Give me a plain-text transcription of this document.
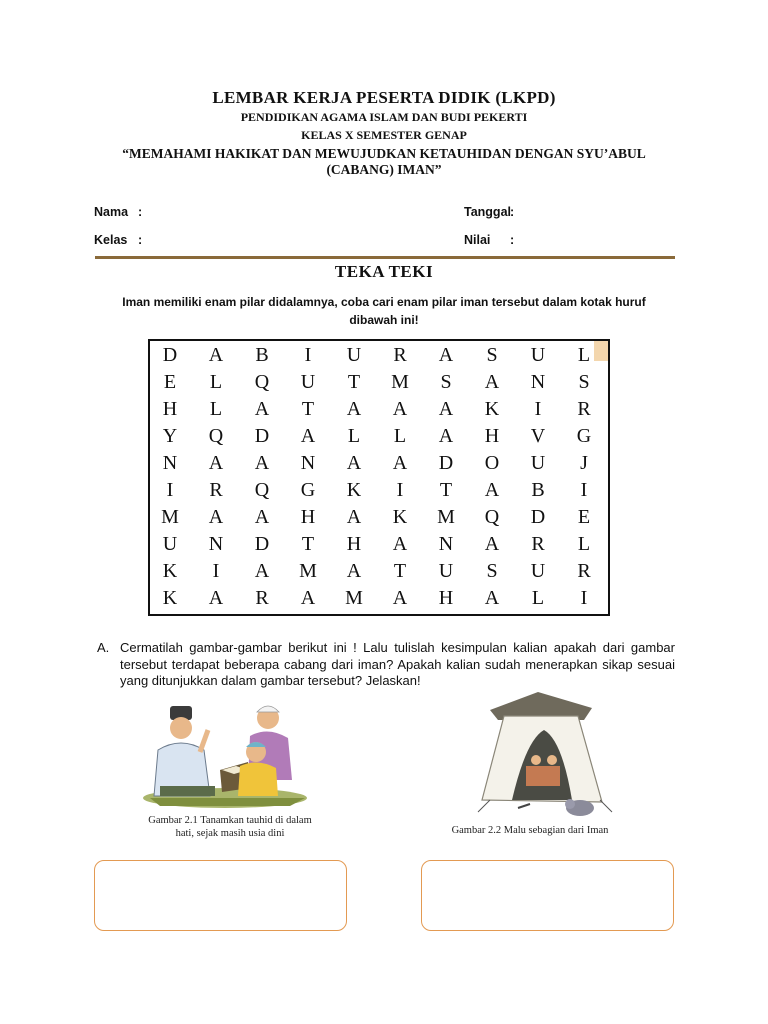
LEMBAR KERJA PESERTA DIDIK (LKPD)
PENDIDIKAN AGAMA ISLAM DAN BUDI PEKERTI
KELAS X SEMESTER GENAP
“MEMAHAMI HAKIKAT DAN MEWUJUDKAN KETAUHIDAN DENGAN SYU’ABUL (CABANG) IMAN”
Nama :
Kelas :
Tanggal :
Nilai :
TEKA TEKI
Iman memiliki enam pilar didalamnya, coba cari enam pilar iman tersebut dalam kotak huruf dibawah ini!
D	A	B	I	U	R	A	S	U	L
E	L	Q	U	T	M	S	A	N	S
H	L	A	T	A	A	A	K	I	R
Y	Q	D	A	L	L	A	H	V	G
N	A	A	N	A	A	D	O	U	J
I	R	Q	G	K	I	T	A	B	I
M	A	A	H	A	K	M	Q	D	E
U	N	D	T	H	A	N	A	R	L
K	I	A	M	A	T	U	S	U	R
K	A	R	A	M	A	H	A	L	I
A. Cermatilah gambar-gambar berikut ini ! Lalu tulislah kesimpulan kalian apakah dari gambar tersebut terdapat beberapa cabang dari iman? Apakah kalian sudah menerapkan sikap sesuai yang ditunjukkan dalam gambar tersebut? Jelaskan!
Gambar 2.1 Tanamkan tauhid di dalam
hati, sejak masih usia dini	Gambar 2.2 Malu sebagian dari Iman
